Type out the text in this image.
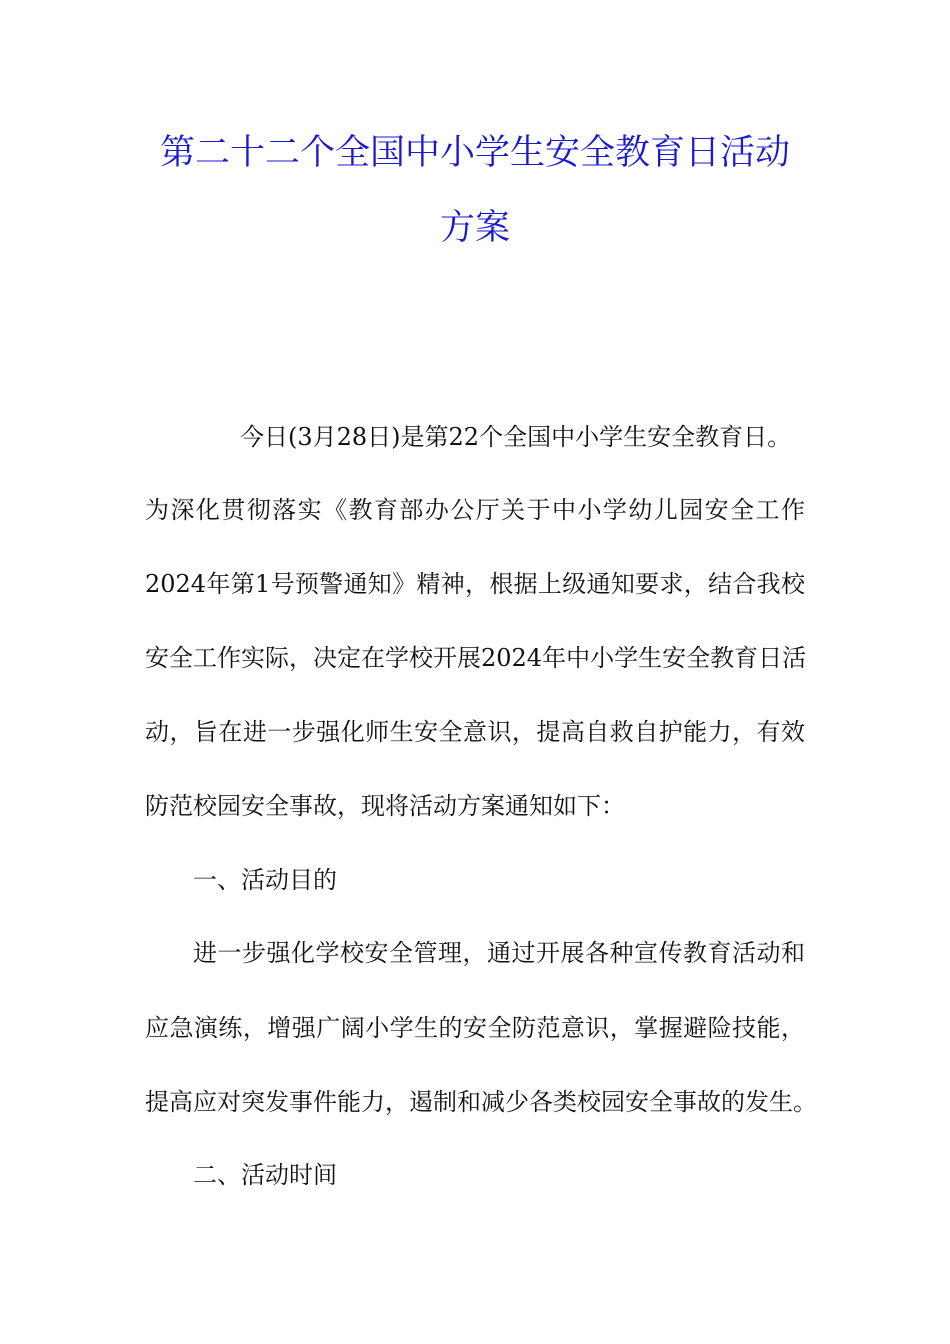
第二十二个全国中小学生安全教育日活动
方案
今日(3月28日)是第22个全国中小学生安全教育日。
为深化贯彻落实《教育部办公厅关于中小学幼儿园安全工作
2024年第1号预警通知》精神，根据上级通知要求，结合我校
安全工作实际，决定在学校开展2024年中小学生安全教育日活
动，旨在进一步强化师生安全意识，提高自救自护能力，有效
防范校园安全事故，现将活动方案通知如下：
一、活动目的
进一步强化学校安全管理，通过开展各种宣传教育活动和
应急演练，增强广阔小学生的安全防范意识，掌握避险技能，
提高应对突发事件能力，遏制和减少各类校园安全事故的发生。
二、活动时间
